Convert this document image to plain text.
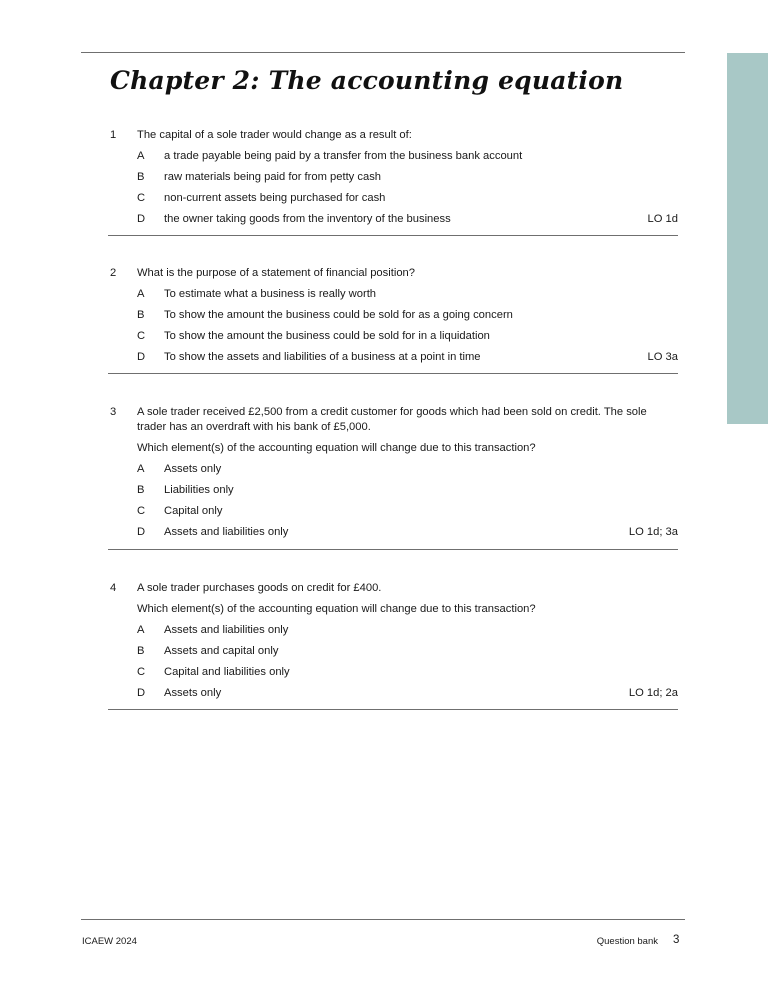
Chapter 2: The accounting equation
1 The capital of a sole trader would change as a result of:

A a trade payable being paid by a transfer from the business bank account
B raw materials being paid for from petty cash
C non-current assets being purchased for cash
D the owner taking goods from the inventory of the business	LO 1d
2 What is the purpose of a statement of financial position?

A To estimate what a business is really worth
B To show the amount the business could be sold for as a going concern
C To show the amount the business could be sold for in a liquidation
D To show the assets and liabilities of a business at a point in time	LO 3a
3 A sole trader received £2,500 from a credit customer for goods which had been sold on credit. The sole trader has an overdraft with his bank of £5,000.

Which element(s) of the accounting equation will change due to this transaction?

A Assets only
B Liabilities only
C Capital only
D Assets and liabilities only	LO 1d; 3a
4 A sole trader purchases goods on credit for £400.

Which element(s) of the accounting equation will change due to this transaction?

A Assets and liabilities only
B Assets and capital only
C Capital and liabilities only
D Assets only	LO 1d; 2a
ICAEW 2024	Question bank 3
